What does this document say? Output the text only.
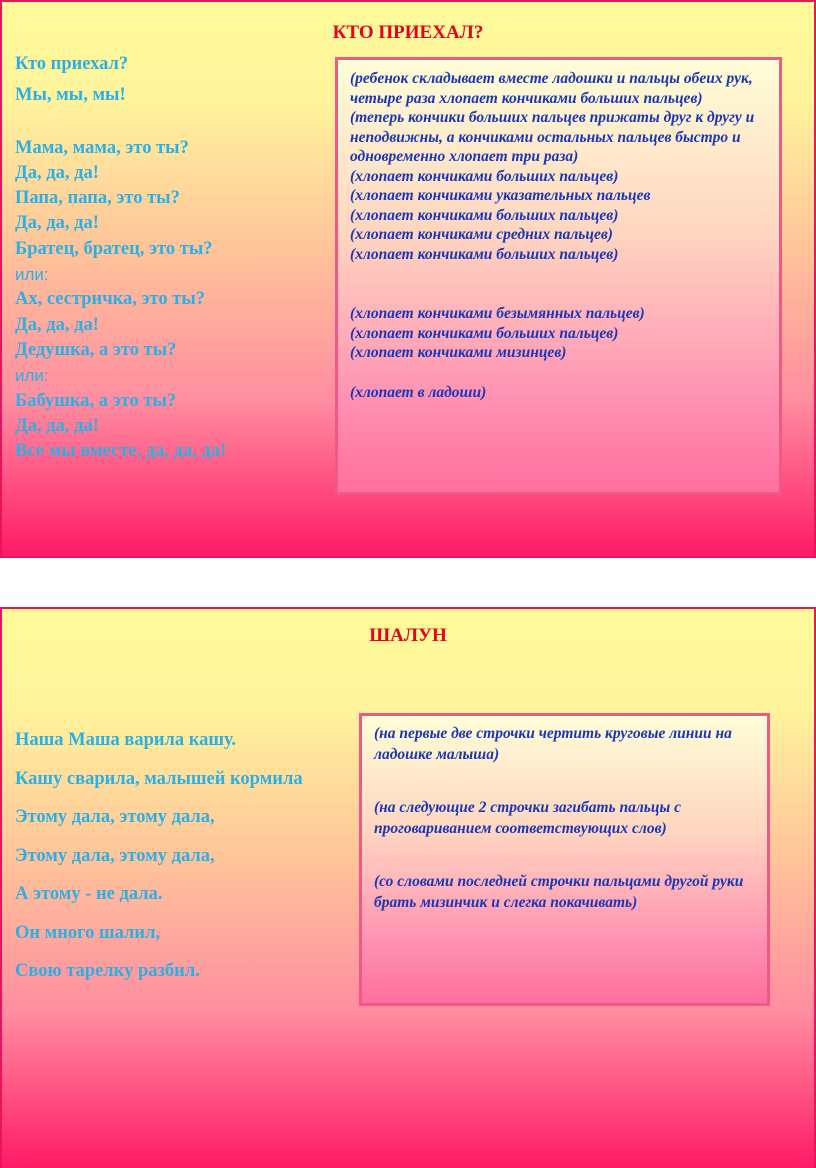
КТО ПРИЕХАЛ?
Кто приехал?
Мы, мы, мы!
Мама, мама, это ты?
Да, да, да!
Папа, папа, это ты?
Да, да, да!
Братец, братец, это ты?
или:
Ах, сестричка, это ты?
Да, да, да!
Дедушка, а это ты?
или:
Бабушка, а это ты?
Да, да, да!
Все мы вместе, да, да, да!
(ребенок складывает вместе ладошки и пальцы обеих рук, четыре раза хлопает кончиками больших пальцев)
(теперь кончики больших пальцев прижаты друг к другу и неподвижны, а кончиками остальных пальцев быстро и одновременно хлопает три раза)
(хлопает кончиками больших пальцев)
(хлопает кончиками указательных пальцев
(хлопает кончиками больших пальцев)
(хлопает кончиками средних пальцев)
(хлопает кончиками больших пальцев)
(хлопает кончиками безымянных пальцев)
(хлопает кончиками больших пальцев)
(хлопает кончиками мизинцев)
(хлопает в ладоши)
ШАЛУН
Наша Маша варила кашу.
Кашу сварила, малышей кормила
Этому дала, этому дала,
Этому дала, этому дала,
А этому - не дала.
Он много шалил,
Свою тарелку разбил.
(на первые две строчки чертить круговые линии на ладошке малыша)
(на следующие 2 строчки загибать пальцы с проговариванием соответствующих слов)
(со словами последней строчки пальцами другой руки брать мизинчик и слегка покачивать)
